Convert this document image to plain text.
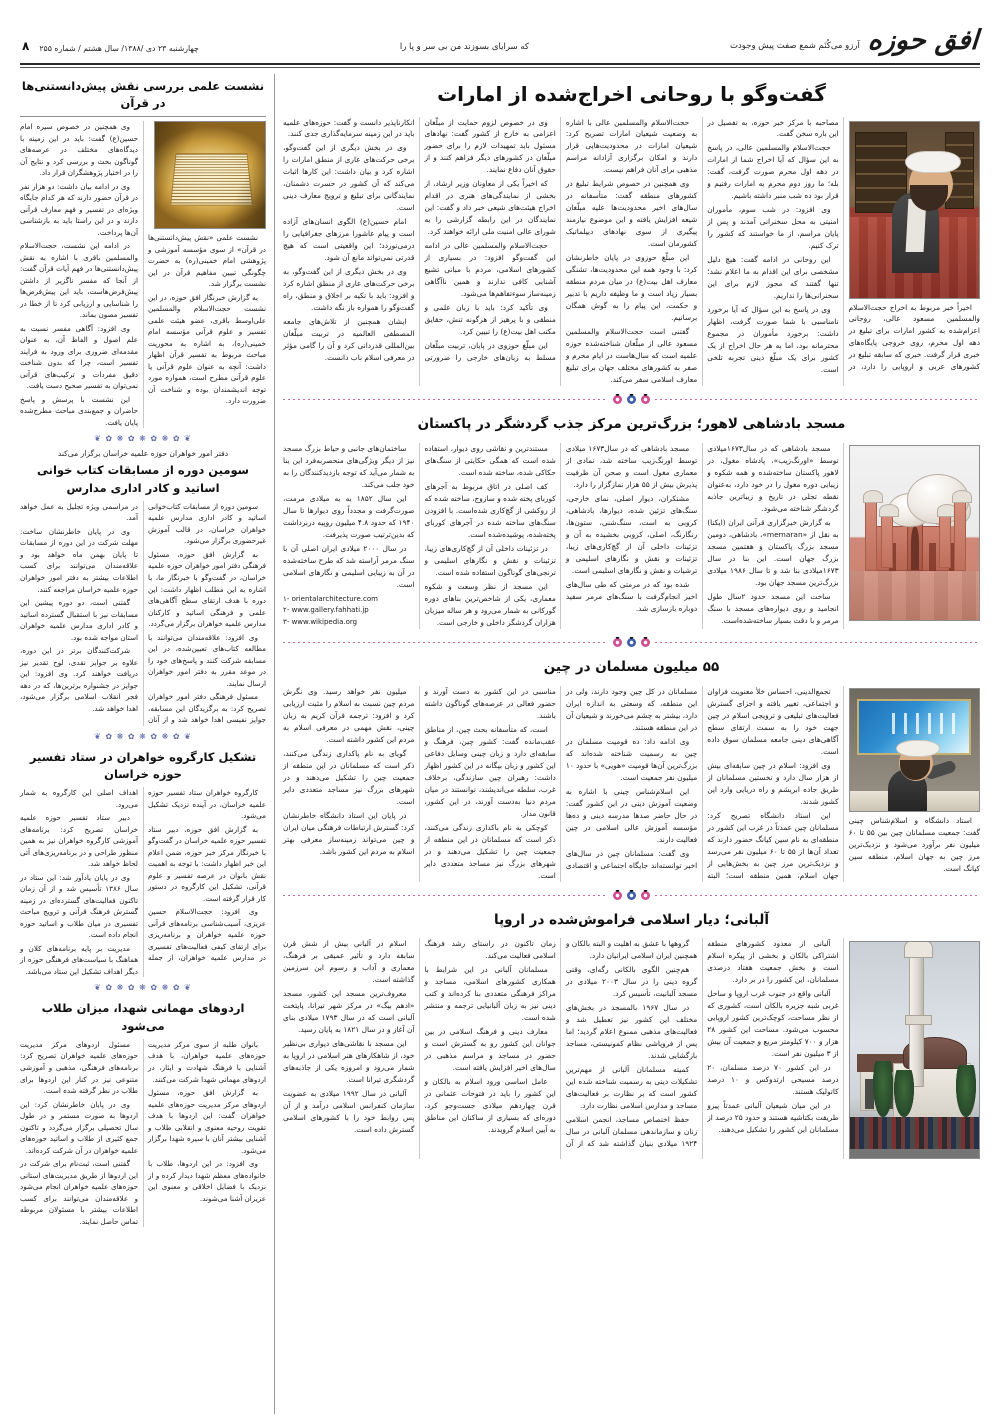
افق حوزه
آرزو می‌کُنَم شمع صفت پیش وجودت
که سرایای بسوزند من بی سر و پا را
چهارشنبه ۲۳ دی /۱۳۸۸/ سال هشتم / شماره ۲۵۵
۸
گفت‌وگو با روحانی اخراج‌شده از امارات

اخیراً خبر مربوط به اخراج حجت‌الاسلام والمسلمین مسعود عالی، روحانی اعزام‌شده به کشور امارات برای تبلیغ در دهه اول محرم، روی خروجی پایگاه‌های خبری قرار گرفت. خبری که سابقه تبلیغ در کشورهای عربی و اروپایی را دارد، در مصاحبه با مرکز خبر حوزه، به تفصیل در این باره سخن گفت.

حجت‌الاسلام والمسلمین عالی، در پاسخ به این سؤال که آیا اخراج شما از امارات در دهه اول محرم صورت گرفت، گفت: بله؛ ما روز دوم محرم به امارات رفتیم و قرار بود ده شب منبر داشته باشیم.

وی افزود: در شب سوم، مأموران امنیتی به محل سخنرانی آمدند و پس از پایان مراسم، از ما خواستند که کشور را ترک کنیم.

این روحانی در ادامه گفت: هیچ دلیل مشخصی برای این اقدام به ما اعلام نشد؛ تنها گفتند که مجوز لازم برای این سخنرانی‌ها را نداریم.

وی در پاسخ به این سؤال که آیا برخورد نامناسبی با شما صورت گرفت، اظهار داشت: برخورد مأموران در مجموع محترمانه بود، اما به هر حال اخراج از یک کشور برای یک مبلّغ دینی تجربه تلخی است.

حجت‌الاسلام والمسلمین عالی با اشاره به وضعیت شیعیان امارات تصریح کرد: شیعیان امارات در محدودیت‌هایی قرار دارند و امکان برگزاری آزادانه مراسم مذهبی برای آنان فراهم نیست.

وی همچنین در خصوص شرایط تبلیغ در کشورهای منطقه گفت: متأسفانه در سال‌های اخیر محدودیت‌ها علیه مبلّغان شیعه افزایش یافته و این موضوع نیازمند پیگیری از سوی نهادهای دیپلماتیک کشورمان است.

این مبلّغ حوزوی در پایان خاطرنشان کرد: با وجود همه این محدودیت‌ها، تشنگی معارف اهل بیت(ع) در میان مردم منطقه بسیار زیاد است و ما وظیفه داریم با تدبیر و حکمت، این پیام را به گوش همگان برسانیم.

گفتنی است حجت‌الاسلام والمسلمین مسعود عالی از مبلّغان شناخته‌شده حوزه علمیه است که سال‌هاست در ایام محرم و صفر به کشورهای مختلف جهان برای تبلیغ معارف اسلامی سفر می‌کند.

وی در خصوص لزوم حمایت از مبلّغان اعزامی به خارج از کشور گفت: نهادهای مسئول باید تمهیدات لازم را برای حضور مبلّغان در کشورهای دیگر فراهم کنند و از حقوق آنان دفاع نمایند.

که اخیراً یکی از معاونان وزیر ارشاد، از بخشی از نمایندگی‌های هنری در اقدام اخراج هیئت‌های شیعی خبر داد و گفت: این نمایندگان در این رابطه گزارشی را به شورای عالی امنیت ملی ارائه خواهند کرد.

حجت‌الاسلام والمسلمین عالی در ادامه این گفت‌وگو افزود: در بسیاری از کشورهای اسلامی، مردم با مبانی تشیع آشنایی کافی ندارند و همین ناآگاهی زمینه‌ساز سوءتفاهم‌ها می‌شود.

وی تأکید کرد: باید با زبان علمی و منطقی و با پرهیز از هرگونه تنش، حقایق مکتب اهل بیت(ع) را تبیین کرد.

این مبلّغ حوزوی در پایان، تربیت مبلّغان مسلط به زبان‌های خارجی را ضرورتی انکارناپذیر دانست و گفت: حوزه‌های علمیه باید در این زمینه سرمایه‌گذاری جدی کنند.

وی در بخش دیگری از این گفت‌وگو، برخی حرکت‌های عاری از منطق امارات را اشاره کرد و بیان داشت: این کارها اثبات می‌کند که آن کشور در حسرت دشمنان، نمایندگانی برای تبلیغ و ترویج معارف دینی است.

امام حسین(ع) الگوی انسان‌های آزاده است و پیام عاشورا مرزهای جغرافیایی را درمی‌نوردد؛ این واقعیتی است که هیچ قدرتی نمی‌تواند مانع آن شود.

وی در بخش دیگری از این گفت‌وگو، به برخی حرکت‌های عاری از منطق اشاره کرد و افزود: باید با تکیه بر اخلاق و منطق، راه گفت‌وگو را همواره باز نگه داشت.

ایشان همچنین از تلاش‌های جامعه المصطفی العالمیه در تربیت مبلّغان بین‌المللی قدردانی کرد و آن را گامی مؤثر در معرفی اسلام ناب دانست.

مسجد بادشاهی لاهور؛ بزرگ‌ترین مرکز جذب گردشگر در پاکستان

مسجد بادشاهی که در سال۱۶۷۳میلادی توسط «اورنگ‌زیب»، پادشاه مغول، در لاهور پاکستان ساخته‌شده و همه شکوه و زیبایی دوره مغول را در خود دارد، به‌عنوان نقطه تجلی در تاریخ و زیباترین جاذبه گردشگر شناخته می‌شود.

به گزارش خبرگزاری قرآنی ایران (ایکنا) به نقل از «memaran»، بادشاهی، دومین مسجد بزرگ پاکستان و هفتمین مسجد بزرگ جهان است. این بنا در سال ۱۶۷۳میلادی بنا شد و تا سال ۱۹۸۶ میلادی بزرگ‌ترین مسجد جهان بود.

ساخت این مسجد حدود ۲سال طول انجامید و روی دیواره‌های مسجد با سنگ مرمر و با دقت بسیار ساخته‌شده‌است.

مسجد بادشاهی که در سال۱۶۷۳ میلادی توسط اورنگ‌زیب ساخته شد، نمادی از معماری مغول است و صحن آن ظرفیت پذیرش بیش از ۵۵ هزار نمازگزار را دارد.

مشتکران، دیوار اصلی، نمای خارجی، سنگ‌های تزئین شده، دیوارها، بادشاهی، کروبی به است، سنگ‌شنی، ستون‌ها، رنگارنگ، اصلی، کروبی بخشیده به آن و تزئینات داخلی آن از گچ‌کاری‌های زیبا، تزئینات و نقش و نگارهای اسلیمی و ترشیات و نقش و نگارهای اسلیمی است.

شده بود که در مرمتی که طی سال‌های اخیر انجام‌گرفت با سنگ‌های مرمر سفید دوباره بازسازی شد.

مستندترین و نقاشی روی دیوار، استفاده شده است که همگی حکایتی از سنگ‌های حکاکی شده، ساخته شده است.

کف اصلی در اتاق مربوط به آجرهای کوربای پخته شده و سازوج، ساخته شده که از روکشی از گچ‌کاری شده‌است. با افزودن سنگ‌های ساخته شده در آجرهای کوربای پخته‌شده، پوشیده‌شده است.

در تزئینات داخلی آن از گچ‌کاری‌های زیبا، تزئینات و نقش و نگارهای اسلیمی و ترنجی‌های گوناگون استفاده شده است.

این مسجد از نظر وسعت و شکوه معماری، یکی از شاخص‌ترین بناهای دوره گورکانی به شمار می‌رود و هر ساله میزبان هزاران گردشگر داخلی و خارجی است.

ساختمان‌های جانبی و حیاط بزرگ مسجد نیز از دیگر ویژگی‌های منحصربه‌فرد این بنا به شمار می‌آید که توجه بازدیدکنندگان را به خود جلب می‌کند.

این سال ۱۸۵۲ به به میلادی مرمت، صورت‌گرفت و مجدداً روی دیوارها تا سال ۱۹۴۰ که حدود ۴.۸ میلیون روپیه دربرداشت که بدین‌ترتیب صورت‌ پذیرفت.

در سال ۲۰۰۰ میلادی ایران اصلی آن با سنگ مرمر آراسته شد که طرح ساخته‌شده در آن به زیبایی اسلیمی و نگارهای اسلامی‌ است.

١- orientalarchitecture.com
٢- www.gallery.fahhati.jp
٣- www.wikipedia.org
۵۵ میلیون مسلمان در چین

استاد دانشگاه و اسلام‌شناس چینی گفت: جمعیت مسلمانان چین بین ۵۵ تا ۶۰ میلیون نفر برآورد می‌شود و نزدیک‌ترین مرز چین به جهان اسلام، منطقه سین کیانگ است.

تجمع‌الدینی، احساس خلأ معنویت فراوان و اجتماعی، تغییر یافته و اجزای گسترش فعالیت‌های تبلیغی و ترویجی اسلام در چین جهت خود را به سمت ارتقای سطح آگاهی‌های دینی جامعه مسلمان سوق داده است.

وی افزود: اسلام در چین سابقه‌ای بیش از هزار سال دارد و نخستین مسلمانان از طریق جاده ابریشم و راه دریایی وارد این کشور شدند.

این استاد دانشگاه تصریح کرد: مسلمانان چین عمدتاً در غرب این کشور در منطقه‌ای به نام سین کیانگ حضور دارند که تعداد آن‌ها از ۵۵ تا ۶۰ میلیون نفر می‌رسد و نزدیک‌ترین مرز چین به بخش‌هایی از جهان اسلام، همین منطقه است؛ البته مسلمانان در کل چین وجود دارند، ولی در این منطقه، که وسعتی به اندازه ایران دارد، بیشتر به چشم می‌خورند و شیعیان آن در این منطقه هستند.

وی ادامه داد: ده قومیت مسلمان در چین به رسمیت شناخته شده‌اند که بزرگ‌ترین آن‌ها قومیت «هویی» با حدود ۱۰ میلیون نفر جمعیت است.

این اسلام‌شناس چینی با اشاره به وضعیت آموزش دینی در این کشور گفت: در حال حاضر صدها مدرسه دینی و ده‌ها مؤسسه آموزش عالی اسلامی در چین فعالیت دارند.

وی گفت: مسلمانان چین در سال‌های اخیر توانسته‌اند جایگاه اجتماعی و اقتصادی مناسبی در این کشور به دست آورند و حضور فعالی در عرصه‌های گوناگون داشته باشند.

است، که متأسفانه بحث چین، از مناطق عقب‌مانده گفت: کشور چین، فرهنگ و سابقه‌ای دارد و زبان چینی وسایل دفاعی این کشور و زبان بیگانه در این کشور اظهار داشت: رهبران چین سازندگی، برخلاف غرب، سلطه می‌اندیشند، توانستند در میان مردم دنیا به‌دست آورند، در این کشور، قانون مدار.

کوچکی به نام باکداری زندگی می‌کنند، ذکر است که مسلمانان در این منطقه از جمعیت چین را تشکیل می‌دهند و در شهرهای بزرگ نیز مساجد متعددی دایر است.

میلیون نفر خواهد رسید. وی نگرش مردم چین نسبت به اسلام را مثبت ارزیابی کرد و افزود: ترجمه قرآن کریم به زبان چینی، نقش مهمی در معرفی اسلام به مردم این کشور داشته است.

گویای به نام پاکداری زندگی می‌کنند، ذکر است که مسلمانان در این منطقه از جمعیت چین را تشکیل می‌دهند و در شهرهای بزرگ نیز مساجد متعددی دایر است.

در پایان این استاد دانشگاه خاطرنشان کرد: گسترش ارتباطات فرهنگی میان ایران و چین می‌تواند زمینه‌ساز معرفی بهتر اسلام به مردم این کشور باشد.

آلبانی؛ دیار اسلامی فراموش‌شده در اروپا

آلبانی از معدود کشورهای منطقه اشتراکی بالکان و بخشی از پیکره اسلام است و بخش جمعیت هفتاد درصدی مسلمانان، این کشور را در بر دارد.

آلبانی واقع در جنوب غرب اروپا و ساحل غربی شبه جزیره بالکان است، کشوری که از نظر مساحت، کوچک‌ترین کشور اروپایی محسوب می‌شود. مساحت این کشور ۲۸ هزار و ۷۰۰ کیلومتر مربع و جمعیت آن بیش از ۳ میلیون نفر است.

در این کشور ۷۰ درصد مسلمان، ۲۰ درصد مسیحی ارتدوکس و ۱۰ درصد کاتولیک هستند.

در این میان شیعیان آلبانی عمدتاً پیرو طریقت بکتاشیه هستند و حدود ۲۵ درصد از مسلمانان این کشور را تشکیل می‌دهند.

گروهها با عشق به اهلیت و البته بالکان و همچنین ایران اسلامی ایرانیان دارد.

هم‌چنین الگوی بالکانی رگه‌ای، وقتی گروه دینی را در سال ۲۰۰۳ میلادی در مسجد آلبانیت، تأسیس کرد.

در سال ۱۹۶۷ بالمسجد در بخش‌های مختلف این کشور نیز تعطیل شد و فعالیت‌های مذهبی ممنوع اعلام گردید؛ اما پس از فروپاشی نظام کمونیستی، مساجد بازگشایی شدند.

کمیته مسلمانان آلبانی از مهم‌ترین تشکیلات دینی به رسمیت شناخته شده این کشور است که بر نظارت بر فعالیت‌های مساجد و مدارس اسلامی نظارت دارد.

حفظ اختصاص مساجد، انجمن اسلامی زنان و سازماندهی مسلمان آلبانی در سال ۱۹۲۴ میلادی بنیان گذاشته شد که از آن زمان تاکنون در راستای رشد فرهنگ اسلامی فعالیت می‌کند.

مسلمانان آلبانی در این شرایط با همکاری کشورهای اسلامی، مساجد و مراکز فرهنگی متعددی بنا کرده‌اند و کتب دینی نیز به زبان آلبانیایی ترجمه و منتشر شده است.

معارف دینی و فرهنگ اسلامی در بین جوانان این کشور رو به گسترش است و حضور در مساجد و مراسم مذهبی در سال‌های اخیر افزایش یافته است.

عامل اساسی ورود اسلام به بالکان و این کشور را باید در فتوحات عثمانی در قرن چهاردهم میلادی جست‌وجو کرد، دوره‌ای که بسیاری از ساکنان این مناطق به آیین اسلام گرویدند.

اسلام در آلبانی بیش از شش قرن سابقه دارد و تأثیر عمیقی بر فرهنگ، معماری و آداب و رسوم این سرزمین گذاشته است.

معروف‌ترین مسجد این کشور، مسجد «ادهم بیگ» در مرکز شهر تیرانا، پایتخت آلبانی است که در سال ۱۷۹۳ میلادی بنای آن آغاز و در سال ۱۸۲۱ به پایان رسید.

این مسجد با نقاشی‌های دیواری بی‌نظیر خود، از شاهکارهای هنر اسلامی در اروپا به شمار می‌رود و امروزه یکی از جاذبه‌های گردشگری تیرانا است.

آلبانی در سال ۱۹۹۲ میلادی به عضویت سازمان کنفرانس اسلامی درآمد و از آن پس روابط خود را با کشورهای اسلامی گسترش داده است.

نشست علمی بررسی نقش پیش‌دانستنی‌ها در قرآن

نشست علمی «نقش پیش‌دانستنی‌ها در قرآن» از سوی مؤسسه آموزشی و پژوهشی امام خمینی(ره) به حضرت چگونگی تبیین مفاهیم قرآن در این نشست برگزار شد.

به گزارش خبرنگار افق حوزه، در این نشست حجت‌الاسلام والمسلمین علی‌اوسط باقری، عضو هیئت علمی تفسیر و علوم قرآنی مؤسسه امام خمینی(ره)، به اشاره به محوریت مباحث مربوط به تفسیر قرآن اظهار داشت: آنچه به عنوان علوم قرآنی یا علوم قرآنی مطرح است، همواره مورد توجه اندیشمندان بوده و شناخت آن ضرورت دارد.

وی همچنین در خصوص سیره امام حسین(ع) گفت: باید در این زمینه با دیدگاه‌های مختلف در عرصه‌های گوناگون بحث و بررسی کرد و نتایج آن را در اختیار پژوهشگران قرار داد.

وی در ادامه بیان داشت: دو هزار نفر در قرآن حضور دارند که هر کدام جایگاه ویژه‌ای در تفسیر و فهم معارف قرآنی دارند و در این راستا باید به بازشناسی آن‌ها پرداخت.

در ادامه این نشست، حجت‌الاسلام والمسلمین باقری با اشاره به نقش پیش‌دانستنی‌ها در فهم آیات قرآن گفت: از آنجا که مفسر ناگزیر از داشتن پیش‌فرض‌هاست، باید این پیش‌فرض‌ها را شناسایی و ارزیابی کرد تا از خطا در تفسیر مصون بماند.

وی افزود: آگاهی مفسر نسبت به علم اصول و الفاظ آن، به عنوان مقدمه‌ای ضروری برای ورود به فرایند تفسیر است، چرا که بدون شناخت دقیق مفردات و ترکیب‌های قرآنی نمی‌توان به تفسیر صحیح دست یافت.

این نشست با پرسش و پاسخ حاضران و جمع‌بندی مباحث مطرح‌شده پایان یافت.

❦ ✿ ❋ ✿ ❋ ✿ ❋ ✿ ❦
دفتر امور خواهران حوزه علمیه خراسان برگزار می‌کند
سومین دوره از مسابقات کتاب خوانی اساتید و کادر اداری مدارس

سومین دوره از مسابقات کتاب‌خوانی اساتید و کادر اداری مدارس علمیه خواهران خراسان، در قالب آموزش غیرحضوری برگزار می‌شود.

به گزارش افق حوزه، مسئول فرهنگی دفتر امور خواهران حوزه علمیه خراسان، در گفت‌وگو با خبرنگار ما، با اشاره به این مطلب اظهار داشت: این دوره با هدف ارتقای سطح آگاهی‌های علمی و فرهنگی اساتید و کارکنان مدارس علمیه خواهران برگزار می‌گردد.

وی افزود: علاقه‌مندان می‌توانند با مطالعه کتاب‌های تعیین‌شده، در این مسابقه شرکت کنند و پاسخ‌های خود را در موعد مقرر به دفتر امور خواهران ارسال نمایند.

مسئول فرهنگی دفتر امور خواهران تصریح کرد: به برگزیدگان این مسابقه، جوایز نفیسی اهدا خواهد شد و از آنان در مراسمی ویژه تجلیل به عمل خواهد آمد.

وی در پایان خاطرنشان ساخت: مهلت شرکت در این دوره از مسابقات تا پایان بهمن ماه خواهد بود و علاقه‌مندان می‌توانند برای کسب اطلاعات بیشتر به دفتر امور خواهران حوزه علمیه خراسان مراجعه کنند.

گفتنی است، دو دوره پیشین این مسابقات نیز با استقبال گسترده اساتید و کادر اداری مدارس علمیه خواهران استان مواجه شده بود.

شرکت‌کنندگان برتر در این دوره، علاوه بر جوایز نقدی، لوح تقدیر نیز دریافت خواهند کرد. وی افزود: این جوایز در جشنواره برترین‌ها، که در دهه فجر انقلاب اسلامی برگزار می‌شود، اهدا خواهد شد.

❦ ✿ ❋ ✿ ❋ ✿ ❋ ✿ ❦
تشکیل کارگروه خواهران در ستاد تفسیر حوزه خراسان

کارگروه خواهران ستاد تفسیر حوزه علمیه خراسان، در آینده نزدیک تشکیل می‌شود.

به گزارش افق حوزه، دبیر ستاد تفسیر حوزه علمیه خراسان در گفت‌وگو با خبرنگار مرکز خبر حوزه، ضمن اعلام این خبر اظهار داشت: با توجه به اهمیت نقش بانوان در عرصه تفسیر و علوم قرآنی، تشکیل این کارگروه در دستور کار قرار گرفته است.

وی افزود: حجت‌الاسلام حسین عزیزی، آسیب‌شناسی برنامه‌های قرآنی حوزه علمیه خواهران و برنامه‌ریزی برای ارتقای کیفی فعالیت‌های تفسیری در مدارس علمیه خواهران، از جمله اهداف اصلی این کارگروه به شمار می‌رود.

دبیر ستاد تفسیر حوزه علمیه خراسان تصریح کرد: برنامه‌های آموزشی کارگروه خواهران نیز به همین منظور طراحی و در برنامه‌ریزی‌های آتی لحاظ خواهد شد.

وی در پایان یادآور شد: این ستاد در سال ۱۳۸۶ تأسیس شد و از آن زمان تاکنون فعالیت‌های گسترده‌ای در زمینه گسترش فرهنگ قرآنی و ترویج مباحث تفسیری در میان طلاب و اساتید حوزه انجام داده است.

مدیریت بر پایه برنامه‌های کلان و هماهنگ با سیاست‌های فرهنگی حوزه از دیگر اهداف تشکیل این ستاد می‌باشد.

❦ ✿ ❋ ✿ ❋ ✿ ❋ ✿ ❦
اردوهای مهمانی شهدا، میزان طلاب می‌شود

بانوان طلبه از سوی مرکز مدیریت حوزه‌های علمیه خواهران، با هدف آشنایی با فرهنگ شهادت و ایثار، در اردوهای مهمانی شهدا شرکت می‌کنند.

به گزارش افق حوزه، مسئول اردوهای مرکز مدیریت حوزه‌های علمیه خواهران گفت: این اردوها با هدف تقویت روحیه معنوی و انقلابی طلاب و آشنایی بیشتر آنان با سیره شهدا برگزار می‌شود.

وی افزود: در این اردوها، طلاب با خانواده‌های معظم شهدا دیدار کرده و از نزدیک با فضایل اخلاقی و معنوی این عزیزان آشنا می‌شوند.

مسئول اردوهای مرکز مدیریت حوزه‌های علمیه خواهران تصریح کرد: برنامه‌های فرهنگی، مذهبی و آموزشی متنوعی نیز در کنار این اردوها برای طلاب در نظر گرفته شده است.

وی در پایان خاطرنشان کرد: این اردوها به صورت مستمر و در طول سال تحصیلی برگزار می‌گردد و تاکنون جمع کثیری از طلاب و اساتید حوزه‌های علمیه خواهران در آن شرکت کرده‌اند.

گفتنی است، ثبت‌نام برای شرکت در این اردوها از طریق مدیریت‌های استانی حوزه‌های علمیه خواهران انجام می‌شود و علاقه‌مندان می‌توانند برای کسب اطلاعات بیشتر با مسئولان مربوطه تماس حاصل نمایند.
